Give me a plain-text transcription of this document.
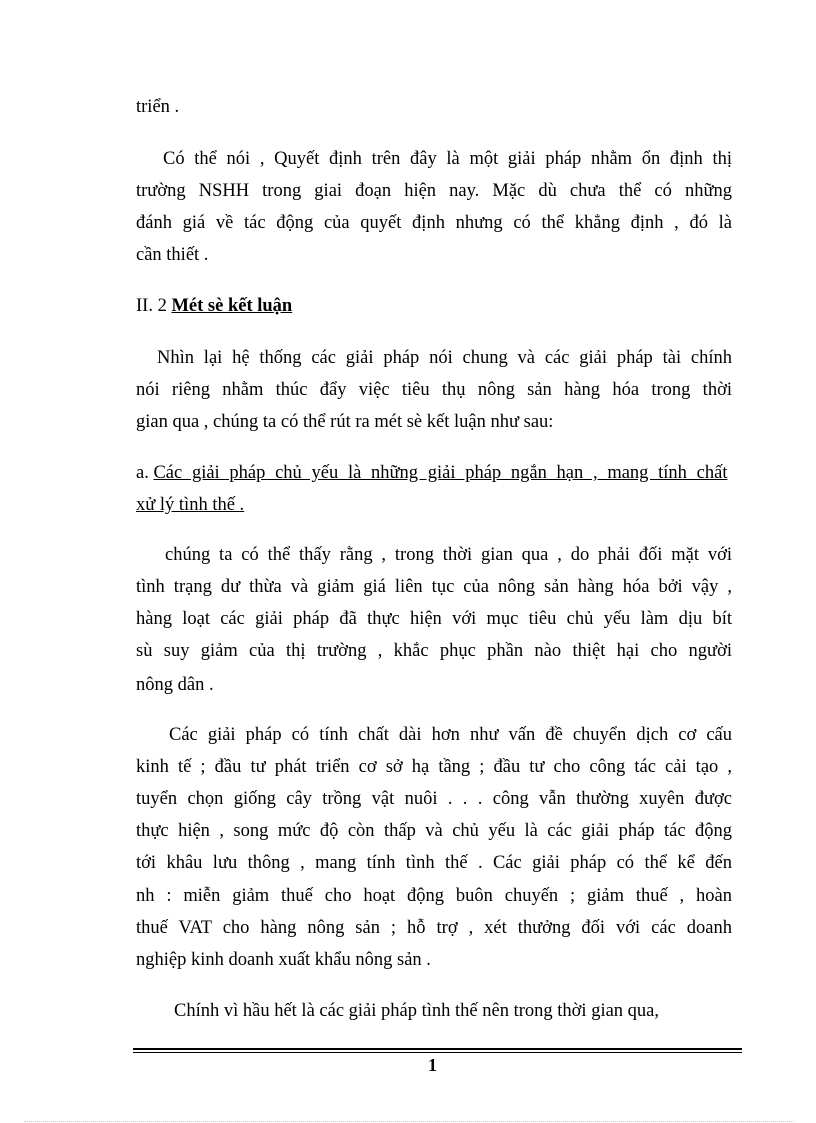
triển .
Có thể nói , Quyết định trên đây là một giải pháp nhằm ổn định thị
trường NSHH trong giai đoạn hiện nay. Mặc dù chưa thể có những
đánh giá về tác động của quyết định nhưng có thể khẳng định , đó là
cần thiết .
II. 2 Mét sè kết luận
Nhìn lại hệ thống các giải pháp nói chung và các giải pháp tài chính
nói riêng nhằm thúc đẩy việc tiêu thụ nông sản hàng hóa trong thời
gian qua , chúng ta có thể rút ra mét sè kết luận như sau:
a. Các giải pháp chủ yếu là những giải pháp ngắn hạn , mang tính chất
xử lý tình thế .
chúng ta có thể thấy rằng , trong thời gian qua , do phải đối mặt với
tình trạng dư thừa và giảm giá liên tục của nông sản hàng hóa bởi vậy ,
hàng loạt các giải pháp đã thực hiện với mục tiêu chủ yếu làm dịu bít
sù suy giảm của thị trường , khắc phục phần nào thiệt hại cho người
nông dân .
Các giải pháp có tính chất dài hơn như vấn đề chuyển dịch cơ cấu
kinh tế ; đầu tư phát triển cơ sở hạ tầng ; đầu tư cho công tác cải tạo ,
tuyển chọn giống cây trồng vật nuôi . . . công vẫn thường xuyên được
thực hiện , song mức độ còn thấp và chủ yếu là các giải pháp tác động
tới khâu lưu thông , mang tính tình thế . Các giải pháp có thể kể đến
nh : miễn giảm thuế cho hoạt động buôn chuyến ; giảm thuế , hoàn
thuế VAT cho hàng nông sản ; hỗ trợ , xét thưởng đối với các doanh
nghiệp kinh doanh xuất khẩu nông sản .
Chính vì hầu hết là các giải pháp tình thế nên trong thời gian qua,
1
